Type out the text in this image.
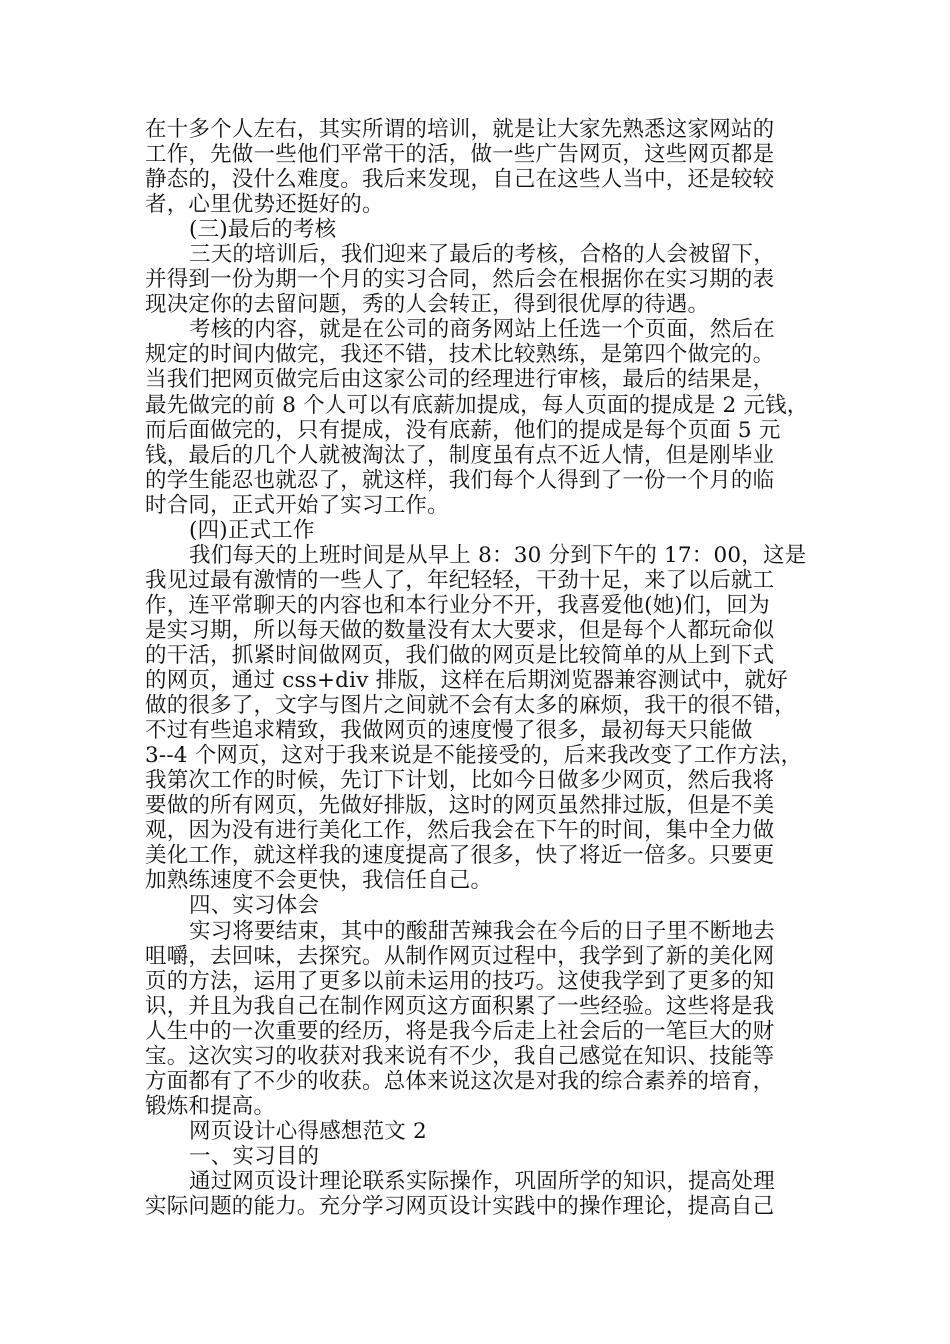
在十多个人左右，其实所谓的培训，就是让大家先熟悉这家网站的
工作，先做一些他们平常干的活，做一些广告网页，这些网页都是
静态的，没什么难度。我后来发现，自己在这些人当中，还是较较
者，心里优势还挺好的。
(三)最后的考核
三天的培训后，我们迎来了最后的考核，合格的人会被留下，
并得到一份为期一个月的实习合同，然后会在根据你在实习期的表
现决定你的去留问题，秀的人会转正，得到很优厚的待遇。
考核的内容，就是在公司的商务网站上任选一个页面，然后在
规定的时间内做完，我还不错，技术比较熟练，是第四个做完的。
当我们把网页做完后由这家公司的经理进行审核，最后的结果是，
最先做完的前 8 个人可以有底薪加提成，每人页面的提成是 2 元钱，
而后面做完的，只有提成，没有底薪，他们的提成是每个页面 5 元
钱，最后的几个人就被淘汰了，制度虽有点不近人情，但是刚毕业
的学生能忍也就忍了，就这样，我们每个人得到了一份一个月的临
时合同，正式开始了实习工作。
(四)正式工作
我们每天的上班时间是从早上 8：30 分到下午的 17：00，这是
我见过最有激情的一些人了，年纪轻轻，干劲十足，来了以后就工
作，连平常聊天的内容也和本行业分不开，我喜爱他(她)们，回为
是实习期，所以每天做的数量没有太大要求，但是每个人都玩命似
的干活，抓紧时间做网页，我们做的网页是比较简单的从上到下式
的网页，通过 css+div 排版，这样在后期浏览器兼容测试中，就好
做的很多了，文字与图片之间就不会有太多的麻烦，我干的很不错，
不过有些追求精致，我做网页的速度慢了很多，最初每天只能做
3--4 个网页，这对于我来说是不能接受的，后来我改变了工作方法，
我第次工作的时候，先订下计划，比如今日做多少网页，然后我将
要做的所有网页，先做好排版，这时的网页虽然排过版，但是不美
观，因为没有进行美化工作，然后我会在下午的时间，集中全力做
美化工作，就这样我的速度提高了很多，快了将近一倍多。只要更
加熟练速度不会更快，我信任自己。
四、实习体会
实习将要结束，其中的酸甜苦辣我会在今后的日子里不断地去
咀嚼，去回味，去探究。从制作网页过程中，我学到了新的美化网
页的方法，运用了更多以前未运用的技巧。这使我学到了更多的知
识，并且为我自己在制作网页这方面积累了一些经验。这些将是我
人生中的一次重要的经历，将是我今后走上社会后的一笔巨大的财
宝。这次实习的收获对我来说有不少，我自己感觉在知识、技能等
方面都有了不少的收获。总体来说这次是对我的综合素养的培育，
锻炼和提高。
网页设计心得感想范文 2
一、实习目的
通过网页设计理论联系实际操作，巩固所学的知识，提高处理
实际问题的能力。充分学习网页设计实践中的操作理论，提高自己
